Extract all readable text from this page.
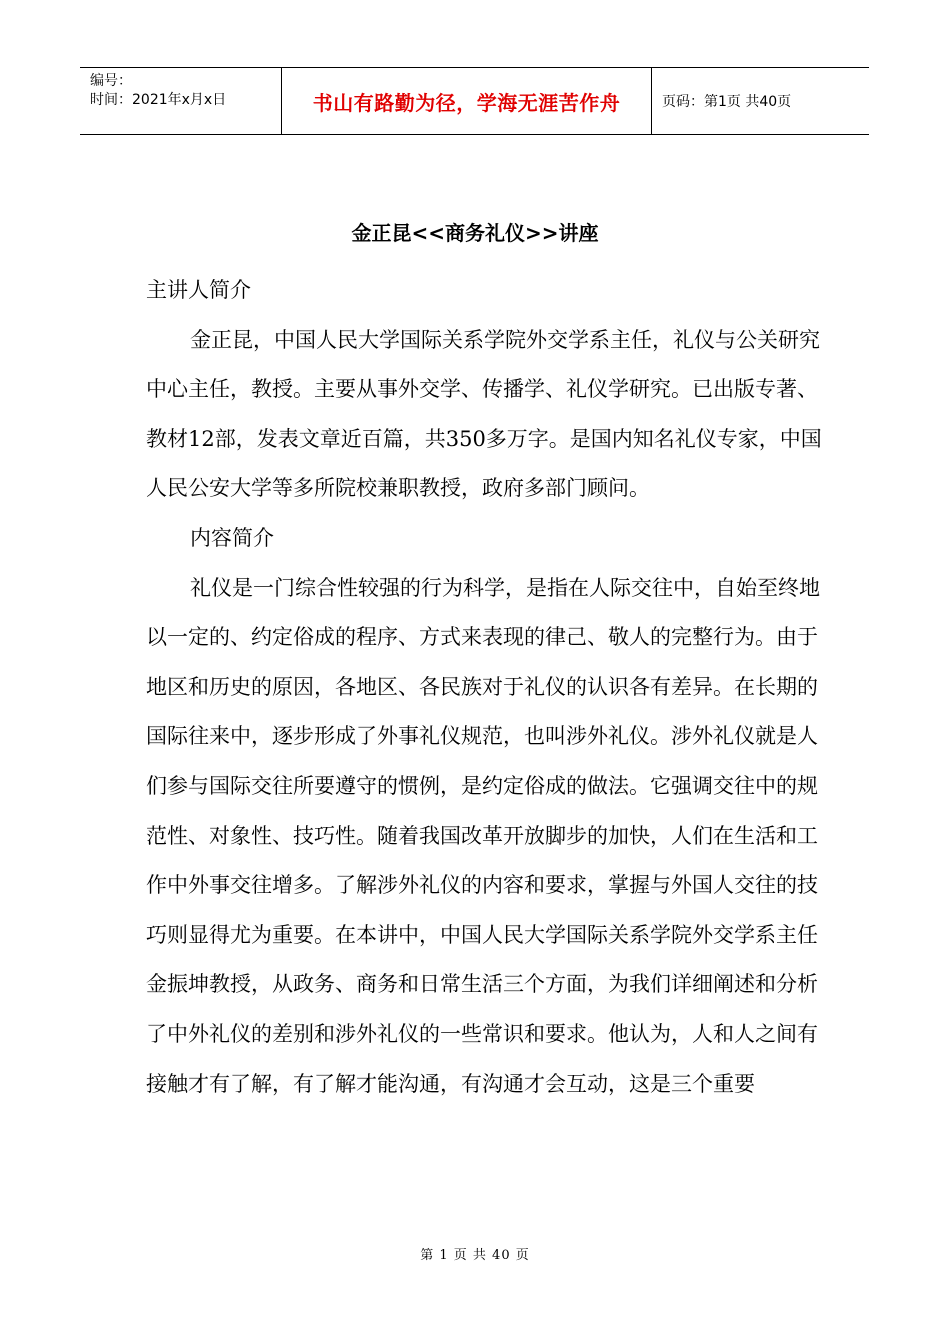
编号：
时间：2021年x月x日	书山有路勤为径，学海无涯苦作舟	页码：第1页 共40页
金正昆<<商务礼仪>>讲座

主讲人简介

金正昆，中国人民大学国际关系学院外交学系主任，礼仪与公关研究中心主任，教授。主要从事外交学、传播学、礼仪学研究。已出版专著、教材12部，发表文章近百篇，共350多万字。是国内知名礼仪专家，中国人民公安大学等多所院校兼职教授，政府多部门顾问。

内容简介

礼仪是一门综合性较强的行为科学，是指在人际交往中，自始至终地以一定的、约定俗成的程序、方式来表现的律己、敬人的完整行为。由于地区和历史的原因，各地区、各民族对于礼仪的认识各有差异。在长期的国际往来中，逐步形成了外事礼仪规范，也叫涉外礼仪。涉外礼仪就是人们参与国际交往所要遵守的惯例，是约定俗成的做法。它强调交往中的规范性、对象性、技巧性。随着我国改革开放脚步的加快，人们在生活和工作中外事交往增多。了解涉外礼仪的内容和要求，掌握与外国人交往的技巧则显得尤为重要。在本讲中，中国人民大学国际关系学院外交学系主任金振坤教授，从政务、商务和日常生活三个方面，为我们详细阐述和分析了中外礼仪的差别和涉外礼仪的一些常识和要求。他认为，人和人之间有接触才有了解，有了解才能沟通，有沟通才会互动，这是三个重要

第 1 页 共 40 页
